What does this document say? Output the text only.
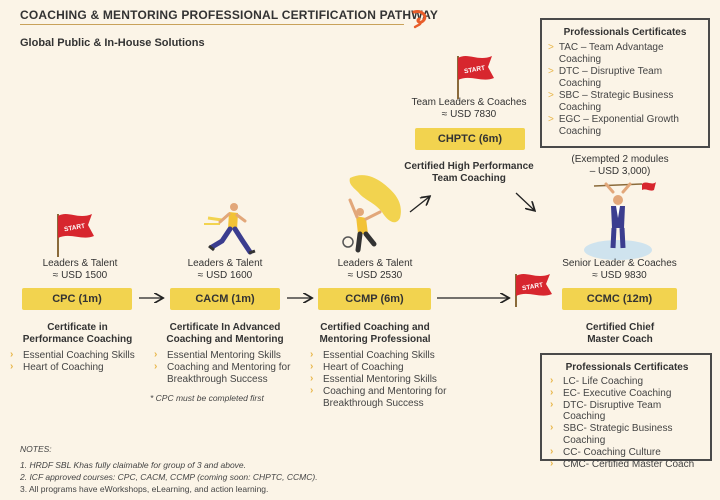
COACHING & MENTORING PROFESSIONAL CERTIFICATION PATHWAY
Global Public & In-House Solutions
Professionals Certificates
> TAC – Team Advantage Coaching
> DTC – Disruptive Team Coaching
> SBC – Strategic Business Coaching
> EGC – Exponential Growth Coaching
START
START
START
Leaders & Talent
≈ USD 1500
CPC (1m)
Certificate in
Performance Coaching
› Essential Coaching Skills
› Heart of Coaching
Leaders & Talent
≈ USD 1600
CACM (1m)
Certificate In Advanced
Coaching and Mentoring
› Essential Mentoring Skills
› Coaching and Mentoring for Breakthrough Success
* CPC must be completed first
Leaders & Talent
≈ USD 2530
CCMP (6m)
Certified Coaching and
Mentoring Professional
› Essential Coaching Skills
› Heart of Coaching
› Essential Mentoring Skills
› Coaching and Mentoring for Breakthrough Success
Team Leaders & Coaches
≈ USD 7830
CHPTC (6m)
Certified High Performance
Team Coaching
(Exempted 2 modules
– USD 3,000)
Senior Leader & Coaches
≈ USD 9830
CCMC (12m)
Certified Chief
Master Coach
Professionals Certificates
› LC- Life Coaching
› EC- Executive Coaching
› DTC- Disruptive Team Coaching
› SBC- Strategic Business Coaching
› CC- Coaching Culture
› CMC- Certified Master Coach
NOTES:
1. HRDF SBL Khas fully claimable for group of 3 and above.
2. ICF approved courses: CPC, CACM, CCMP (coming soon: CHPTC, CCMC).
3. All programs have eWorkshops, eLearning, and action learning.
